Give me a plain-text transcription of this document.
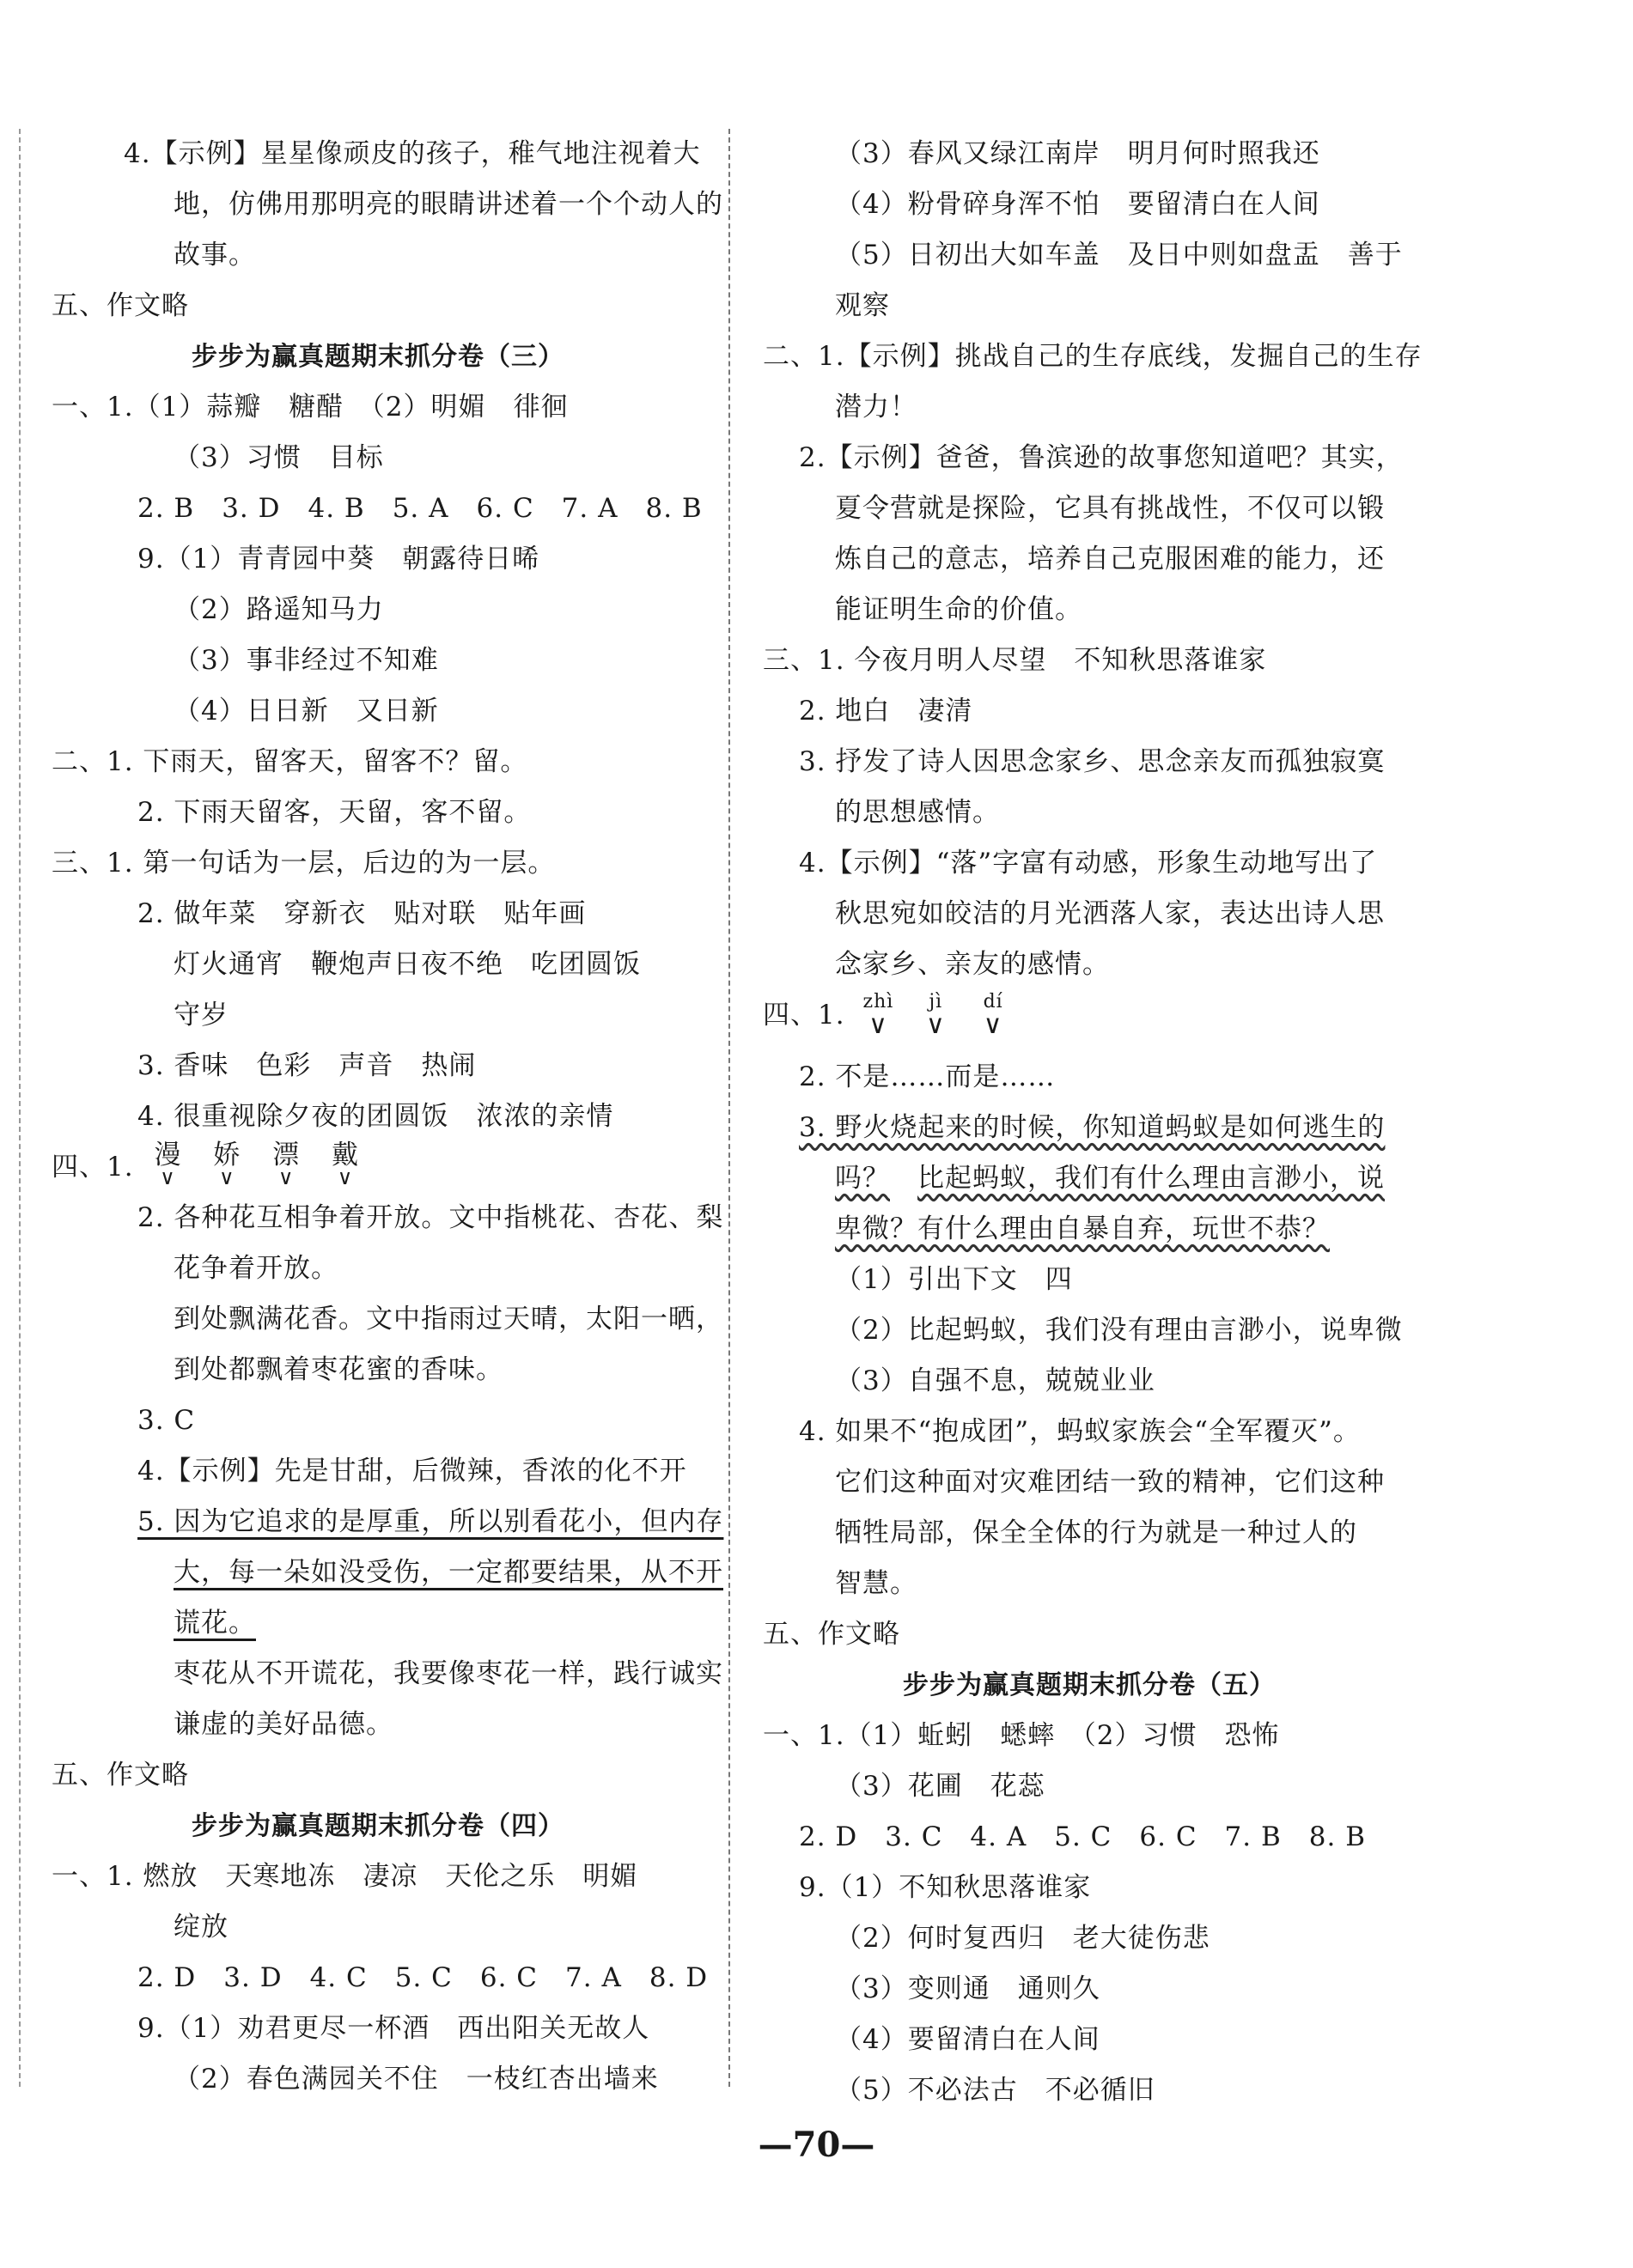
4.【示例】星星像顽皮的孩子，稚气地注视着大
地，仿佛用那明亮的眼睛讲述着一个个动人的
故事。
五、作文略
步步为赢真题期末抓分卷（三）
一、1.（1）蒜瓣　糖醋　（2）明媚　徘徊
（3）习惯　目标
2. B　3. D　4. B　5. A　6. C　7. A　8. B
9.（1）青青园中葵　朝露待日晞
（2）路遥知马力
（3）事非经过不知难
（4）日日新　又日新
二、1. 下雨天，留客天，留客不？留。
2. 下雨天留客，天留，客不留。
三、1. 第一句话为一层，后边的为一层。
2. 做年菜　穿新衣　贴对联　贴年画
灯火通宵　鞭炮声日夜不绝　吃团圆饭
守岁
3. 香味　色彩　声音　热闹
4. 很重视除夕夜的团圆饭　浓浓的亲情
四、1. 漫
∨
娇
∨
漂
∨
戴
∨
2. 各种花互相争着开放。文中指桃花、杏花、梨
花争着开放。
到处飘满花香。文中指雨过天晴，太阳一晒，
到处都飘着枣花蜜的香味。
3. C
4.【示例】先是甘甜，后微辣，香浓的化不开
5. 因为它追求的是厚重，所以别看花小，但内存
大，每一朵如没受伤，一定都要结果，从不开
谎花。
枣花从不开谎花，我要像枣花一样，践行诚实
谦虚的美好品德。
五、作文略
步步为赢真题期末抓分卷（四）
一、1. 燃放　天寒地冻　凄凉　天伦之乐　明媚
绽放
2. D　3. D　4. C　5. C　6. C　7. A　8. D
9.（1）劝君更尽一杯酒　西出阳关无故人
（2）春色满园关不住　一枝红杏出墙来
（3）春风又绿江南岸　明月何时照我还
（4）粉骨碎身浑不怕　要留清白在人间
（5）日初出大如车盖　及日中则如盘盂　善于
观察
二、1.【示例】挑战自己的生存底线，发掘自己的生存
潜力！
2.【示例】爸爸，鲁滨逊的故事您知道吧？其实，
夏令营就是探险，它具有挑战性，不仅可以锻
炼自己的意志，培养自己克服困难的能力，还
能证明生命的价值。
三、1. 今夜月明人尽望　不知秋思落谁家
2. 地白　凄清
3. 抒发了诗人因思念家乡、思念亲友而孤独寂寞
的思想感情。
4.【示例】“落”字富有动感，形象生动地写出了
秋思宛如皎洁的月光洒落人家，表达出诗人思
念家乡、亲友的感情。
四、1. zhì
∨
jì
∨
dí
∨
2. 不是……而是……
3. 野火烧起来的时候，你知道蚂蚁是如何逃生的
吗？　 比起蚂蚁，我们有什么理由言渺小，说
卑微？有什么理由自暴自弃，玩世不恭？
（1）引出下文　四
（2）比起蚂蚁，我们没有理由言渺小，说卑微
（3）自强不息，兢兢业业
4. 如果不“抱成团”，蚂蚁家族会“全军覆灭”。
它们这种面对灾难团结一致的精神，它们这种
牺牲局部，保全全体的行为就是一种过人的
智慧。
五、作文略
步步为赢真题期末抓分卷（五）
一、1.（1）蚯蚓　蟋蟀　（2）习惯　恐怖
（3）花圃　花蕊
2. D　3. C　4. A　5. C　6. C　7. B　8. B
9.（1）不知秋思落谁家
（2）何时复西归　老大徒伤悲
（3）变则通　通则久
（4）要留清白在人间
（5）不必法古　不必循旧
—70—
